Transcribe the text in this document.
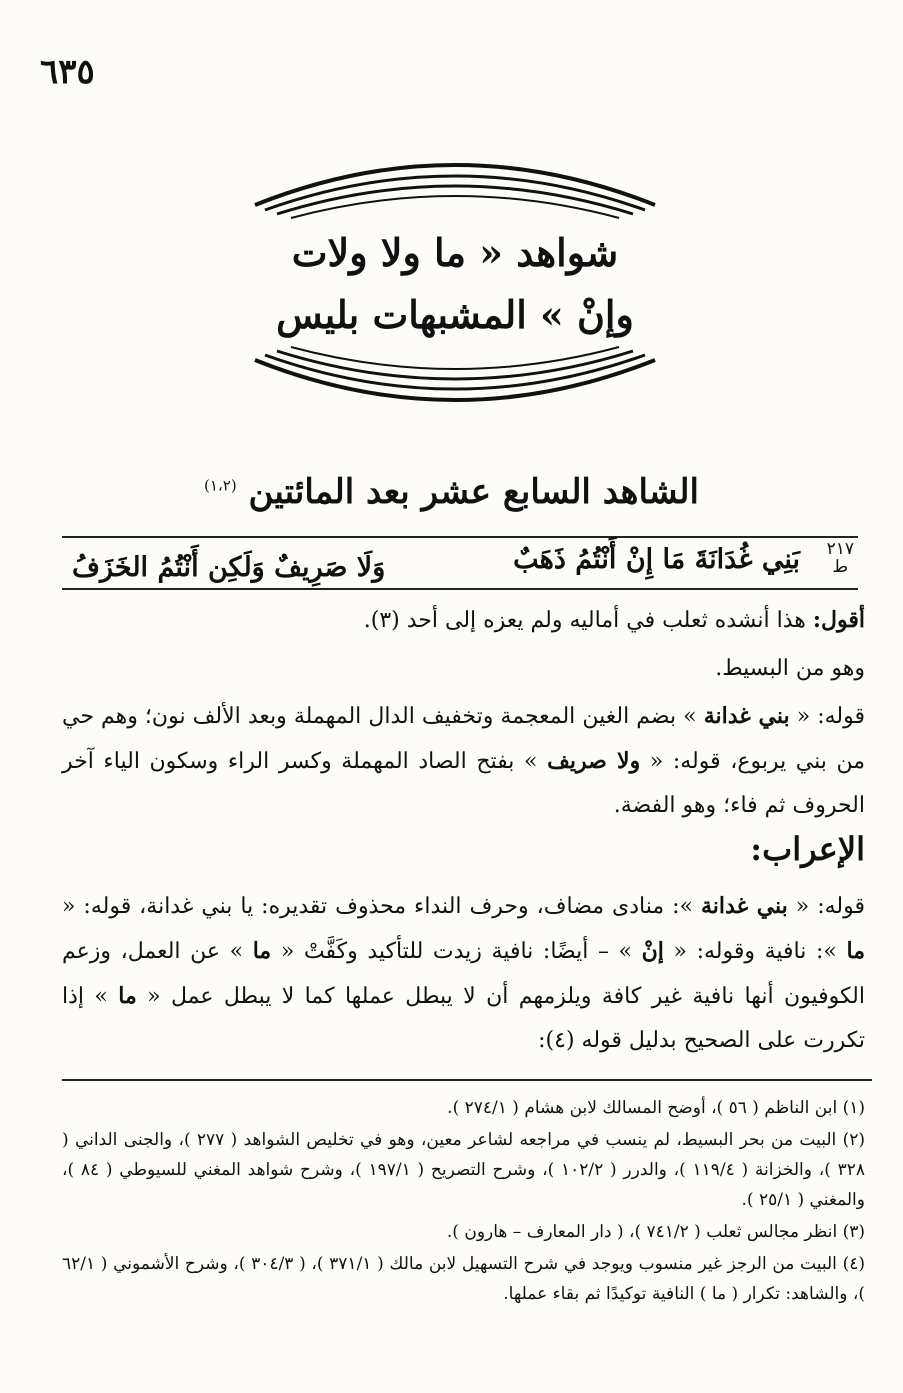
٦٣٥
شواهد « ما ولا ولات
وإنْ » المشبهات بليس
الشاهد السابع عشر بعد المائتين $^{(١،٢)}$
٢١٧
ط
بَنِي غُدَانَةَ مَا إِنْ أَنْتُمُ ذَهَبٌ
وَلَا صَرِيفٌ وَلَكِن أَنْتُمُ الخَزَفُ
أقول: هذا أنشده ثعلب في أماليه ولم يعزه إلى أحد (٣).
وهو من البسيط.
قوله: « بني غدانة » بضم الغين المعجمة وتخفيف الدال المهملة وبعد الألف نون؛ وهم حي من بني يربوع، قوله: « ولا صريف » بفتح الصاد المهملة وكسر الراء وسكون الياء آخر الحروف ثم فاء؛ وهو الفضة.
الإعراب:
قوله: « بني غدانة »: منادى مضاف، وحرف النداء محذوف تقديره: يا بني غدانة، قوله: « ما »: نافية وقوله: « إنْ » – أيضًا: نافية زيدت للتأكيد وكَفَّتْ « ما » عن العمل، وزعم الكوفيون أنها نافية غير كافة ويلزمهم أن لا يبطل عملها كما لا يبطل عمل « ما » إذا تكررت على الصحيح بدليل قوله (٤):
(١) ابن الناظم ( ٥٦ )، أوضح المسالك لابن هشام ( ٢٧٤/١ ).
(٢) البيت من بحر البسيط، لم ينسب في مراجعه لشاعر معين، وهو في تخليص الشواهد ( ٢٧٧ )، والجنى الداني ( ٣٢٨ )، والخزانة ( ١١٩/٤ )، والدرر ( ١٠٢/٢ )، وشرح التصريح ( ١٩٧/١ )، وشرح شواهد المغني للسيوطي ( ٨٤ )، والمغني ( ٢٥/١ ).
(٣) انظر مجالس ثعلب ( ٧٤١/٢ )، ( دار المعارف – هارون ).
(٤) البيت من الرجز غير منسوب ويوجد في شرح التسهيل لابن مالك ( ٣٧١/١ )، ( ٣٠٤/٣ )، وشرح الأشموني ( ٦٢/١ )، والشاهد: تكرار ( ما ) النافية توكيدًا ثم بقاء عملها.
